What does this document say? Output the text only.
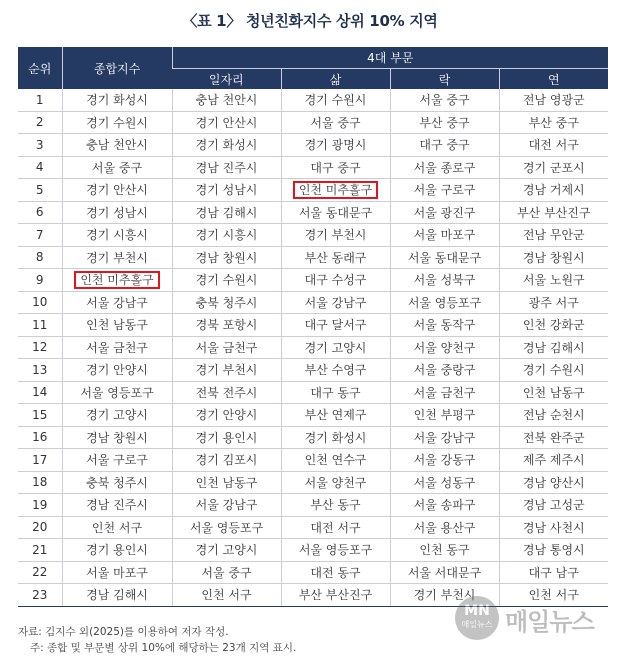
〈표 1〉 청년친화지수 상위 10% 지역
순위	종합지수	4대 부문			
		일자리	삶	락	연
1	경기 화성시	충남 천안시	경기 수원시	서울 중구	전남 영광군
2	경기 수원시	경기 안산시	서울 중구	부산 중구	부산 중구
3	충남 천안시	경기 화성시	경기 광명시	대구 중구	대전 서구
4	서울 중구	경남 진주시	대구 중구	서울 종로구	경기 군포시
5	경기 안산시	경기 성남시	인천 미추홀구	서울 구로구	경남 거제시
6	경기 성남시	경남 김해시	서울 동대문구	서울 광진구	부산 부산진구
7	경기 시흥시	경기 시흥시	경기 부천시	서울 마포구	전남 무안군
8	경기 부천시	경남 창원시	부산 동래구	서울 동대문구	경남 창원시
9	인천 미추홀구	경기 수원시	대구 수성구	서울 성북구	서울 노원구
10	서울 강남구	충북 청주시	서울 강남구	서울 영등포구	광주 서구
11	인천 남동구	경북 포항시	대구 달서구	서울 동작구	인천 강화군
12	서울 금천구	서울 금천구	경기 고양시	서울 양천구	경남 김해시
13	경기 안양시	경기 부천시	부산 수영구	서울 중랑구	경기 수원시
14	서울 영등포구	전북 전주시	대구 동구	서울 금천구	인천 남동구
15	경기 고양시	경기 안양시	부산 연제구	인천 부평구	전남 순천시
16	경남 창원시	경기 용인시	경기 화성시	서울 강남구	전북 완주군
17	서울 구로구	경기 김포시	인천 연수구	서울 강동구	제주 제주시
18	충북 청주시	인천 남동구	서울 양천구	서울 성동구	경남 양산시
19	경남 진주시	서울 강남구	부산 동구	서울 송파구	경남 고성군
20	인천 서구	서울 영등포구	대전 서구	서울 용산구	경남 사천시
21	경기 용인시	경기 고양시	서울 영등포구	인천 동구	경남 통영시
22	서울 마포구	서울 중구	대전 동구	서울 서대문구	대구 남구
23	경남 김해시	인천 서구	부산 부산진구	경기 부천시	인천 서구
자료: 김지수 외(2025)를 이용하여 저자 작성.
주: 종합 및 부문별 상위 10%에 해당하는 23개 지역 표시.
MN
매일뉴스 매일뉴스
